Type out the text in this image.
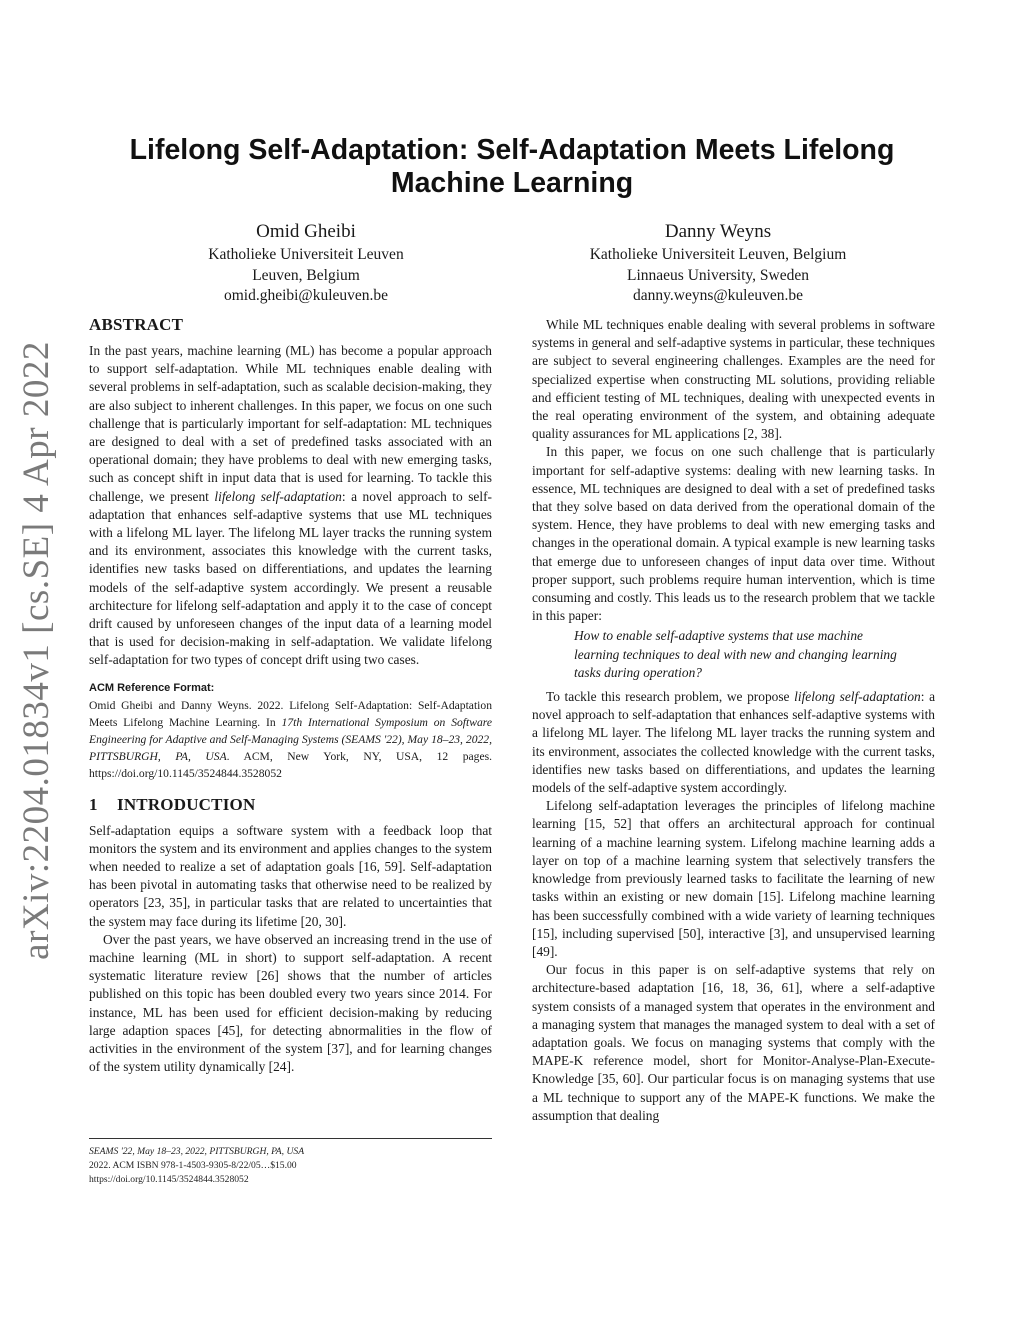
arXiv:2204.01834v1 [cs.SE] 4 Apr 2022
Lifelong Self-Adaptation: Self-Adaptation Meets Lifelong
Machine Learning
Omid Gheibi
Katholieke Universiteit Leuven
Leuven, Belgium
omid.gheibi@kuleuven.be
Danny Weyns
Katholieke Universiteit Leuven, Belgium
Linnaeus University, Sweden
danny.weyns@kuleuven.be
ABSTRACT

In the past years, machine learning (ML) has become a popular approach to support self-adaptation. While ML techniques enable dealing with several problems in self-adaptation, such as scalable decision-making, they are also subject to inherent challenges. In this paper, we focus on one such challenge that is particularly important for self-adaptation: ML techniques are designed to deal with a set of predefined tasks associated with an operational domain; they have problems to deal with new emerging tasks, such as concept shift in input data that is used for learning. To tackle this challenge, we present lifelong self-adaptation: a novel approach to self-adaptation that enhances self-adaptive systems that use ML techniques with a lifelong ML layer. The lifelong ML layer tracks the running system and its environment, associates this knowledge with the current tasks, identifies new tasks based on differentiations, and updates the learning models of the self-adaptive system accordingly. We present a reusable architecture for lifelong self-adaptation and apply it to the case of concept drift caused by unforeseen changes of the input data of a learning model that is used for decision-making in self-adaptation. We validate lifelong self-adaptation for two types of concept drift using two cases.

ACM Reference Format:

Omid Gheibi and Danny Weyns. 2022. Lifelong Self-Adaptation: Self-Adaptation Meets Lifelong Machine Learning. In 17th International Symposium on Software Engineering for Adaptive and Self-Managing Systems (SEAMS '22), May 18–23, 2022, PITTSBURGH, PA, USA. ACM, New York, NY, USA, 12 pages. https://doi.org/10.1145/3524844.3528052

1 INTRODUCTION

Self-adaptation equips a software system with a feedback loop that monitors the system and its environment and applies changes to the system when needed to realize a set of adaptation goals [16, 59]. Self-adaptation has been pivotal in automating tasks that otherwise need to be realized by operators [23, 35], in particular tasks that are related to uncertainties that the system may face during its lifetime [20, 30].

Over the past years, we have observed an increasing trend in the use of machine learning (ML in short) to support self-adaptation. A recent systematic literature review [26] shows that the number of articles published on this topic has been doubled every two years since 2014. For instance, ML has been used for efficient decision-making by reducing large adaption spaces [45], for detecting abnormalities in the flow of activities in the environment of the system [37], and for learning changes of the system utility dynamically [24].

SEAMS '22, May 18–23, 2022, PITTSBURGH, PA, USA
2022. ACM ISBN 978-1-4503-9305-8/22/05…$15.00
https://doi.org/10.1145/3524844.3528052

While ML techniques enable dealing with several problems in software systems in general and self-adaptive systems in particular, these techniques are subject to several engineering challenges. Examples are the need for specialized expertise when constructing ML solutions, providing reliable and efficient testing of ML techniques, dealing with unexpected events in the real operating environment of the system, and obtaining adequate quality assurances for ML applications [2, 38].

In this paper, we focus on one such challenge that is particularly important for self-adaptive systems: dealing with new learning tasks. In essence, ML techniques are designed to deal with a set of predefined tasks that they solve based on data derived from the operational domain of the system. Hence, they have problems to deal with new emerging tasks and changes in the operational domain. A typical example is new learning tasks that emerge due to unforeseen changes of input data over time. Without proper support, such problems require human intervention, which is time consuming and costly. This leads us to the research problem that we tackle in this paper:

How to enable self-adaptive systems that use machine learning techniques to deal with new and changing learning tasks during operation?

To tackle this research problem, we propose lifelong self-adaptation: a novel approach to self-adaptation that enhances self-adaptive systems with a lifelong ML layer. The lifelong ML layer tracks the running system and its environment, associates the collected knowledge with the current tasks, identifies new tasks based on differentiations, and updates the learning models of the self-adaptive system accordingly.

Lifelong self-adaptation leverages the principles of lifelong machine learning [15, 52] that offers an architectural approach for continual learning of a machine learning system. Lifelong machine learning adds a layer on top of a machine learning system that selectively transfers the knowledge from previously learned tasks to facilitate the learning of new tasks within an existing or new domain [15]. Lifelong machine learning has been successfully combined with a wide variety of learning techniques [15], including supervised [50], interactive [3], and unsupervised learning [49].

Our focus in this paper is on self-adaptive systems that rely on architecture-based adaptation [16, 18, 36, 61], where a self-adaptive system consists of a managed system that operates in the environment and a managing system that manages the managed system to deal with a set of adaptation goals. We focus on managing systems that comply with the MAPE-K reference model, short for Monitor-Analyse-Plan-Execute-Knowledge [35, 60]. Our particular focus is on managing systems that use a ML technique to support any of the MAPE-K functions. We make the assumption that dealing
